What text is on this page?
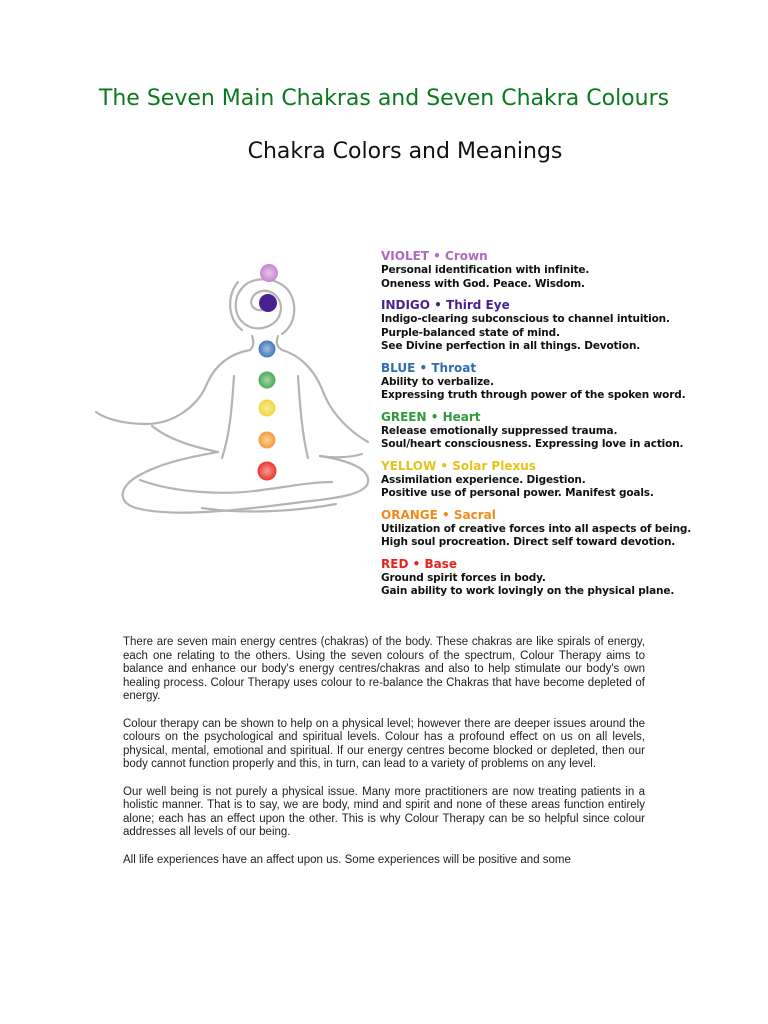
The Seven Main Chakras and Seven Chakra Colours
Chakra Colors and Meanings
VIOLET • Crown
Personal identification with infinite.
Oneness with God. Peace. Wisdom.
INDIGO • Third Eye
Indigo-clearing subconscious to channel intuition.
Purple-balanced state of mind.
See Divine perfection in all things. Devotion.
BLUE • Throat
Ability to verbalize.
Expressing truth through power of the spoken word.
GREEN • Heart
Release emotionally suppressed trauma.
Soul/heart consciousness. Expressing love in action.
YELLOW • Solar Plexus
Assimilation experience. Digestion.
Positive use of personal power. Manifest goals.
ORANGE • Sacral
Utilization of creative forces into all aspects of being.
High soul procreation. Direct self toward devotion.
RED • Base
Ground spirit forces in body.
Gain ability to work lovingly on the physical plane.

There are seven main energy centres (chakras) of the body. These chakras are like spirals of energy, each one relating to the others. Using the seven colours of the spectrum, Colour Therapy aims to balance and enhance our body's energy centres/chakras and also to help stimulate our body's own healing process. Colour Therapy uses colour to re-balance the Chakras that have become depleted of energy.

Colour therapy can be shown to help on a physical level; however there are deeper issues around the colours on the psychological and spiritual levels. Colour has a profound effect on us on all levels, physical, mental, emotional and spiritual. If our energy centres become blocked or depleted, then our body cannot function properly and this, in turn, can lead to a variety of problems on any level.

Our well being is not purely a physical issue. Many more practitioners are now treating patients in a holistic manner. That is to say, we are body, mind and spirit and none of these areas function entirely alone; each has an effect upon the other. This is why Colour Therapy can be so helpful since colour addresses all levels of our being.

All life experiences have an affect upon us. Some experiences will be positive and some
